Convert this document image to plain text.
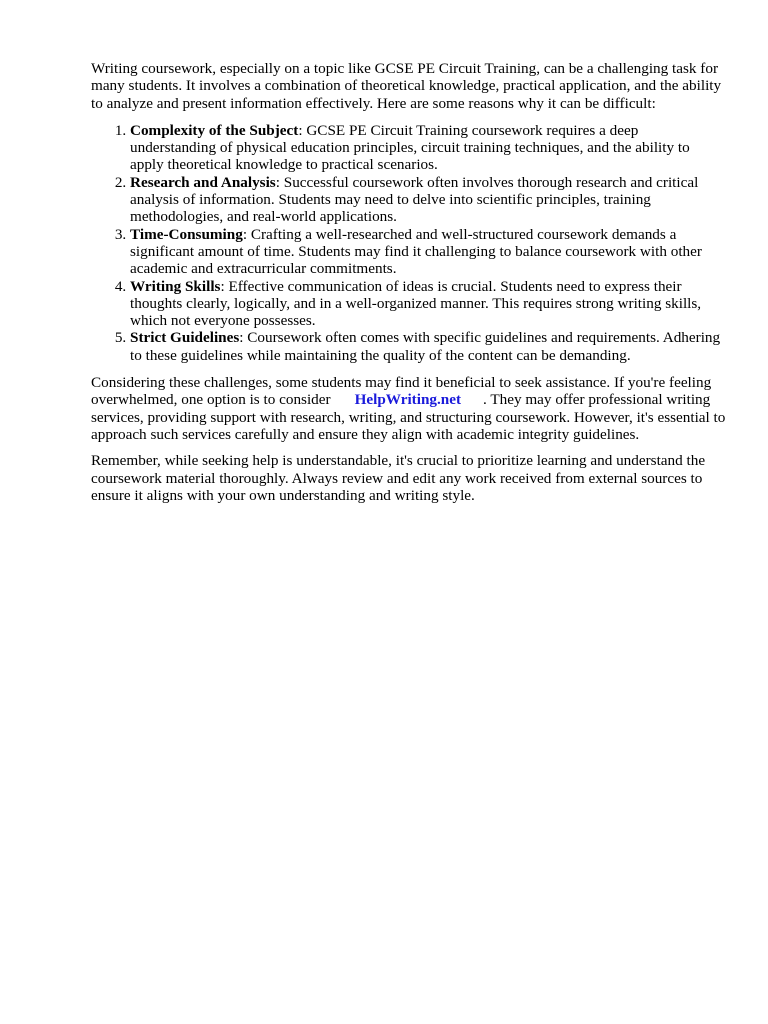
Writing coursework, especially on a topic like GCSE PE Circuit Training, can be a challenging task for many students. It involves a combination of theoretical knowledge, practical application, and the ability to analyze and present information effectively. Here are some reasons why it can be difficult:

1. Complexity of the Subject: GCSE PE Circuit Training coursework requires a deep understanding of physical education principles, circuit training techniques, and the ability to apply theoretical knowledge to practical scenarios.
2. Research and Analysis: Successful coursework often involves thorough research and critical analysis of information. Students may need to delve into scientific principles, training methodologies, and real-world applications.
3. Time-Consuming: Crafting a well-researched and well-structured coursework demands a significant amount of time. Students may find it challenging to balance coursework with other academic and extracurricular commitments.
4. Writing Skills: Effective communication of ideas is crucial. Students need to express their thoughts clearly, logically, and in a well-organized manner. This requires strong writing skills, which not everyone possesses.
5. Strict Guidelines: Coursework often comes with specific guidelines and requirements. Adhering to these guidelines while maintaining the quality of the content can be demanding.

Considering these challenges, some students may find it beneficial to seek assistance. If you're feeling overwhelmed, one option is to consider HelpWriting.net . They may offer professional writing services, providing support with research, writing, and structuring coursework. However, it's essential to approach such services carefully and ensure they align with academic integrity guidelines.

Remember, while seeking help is understandable, it's crucial to prioritize learning and understand the coursework material thoroughly. Always review and edit any work received from external sources to ensure it aligns with your own understanding and writing style.
